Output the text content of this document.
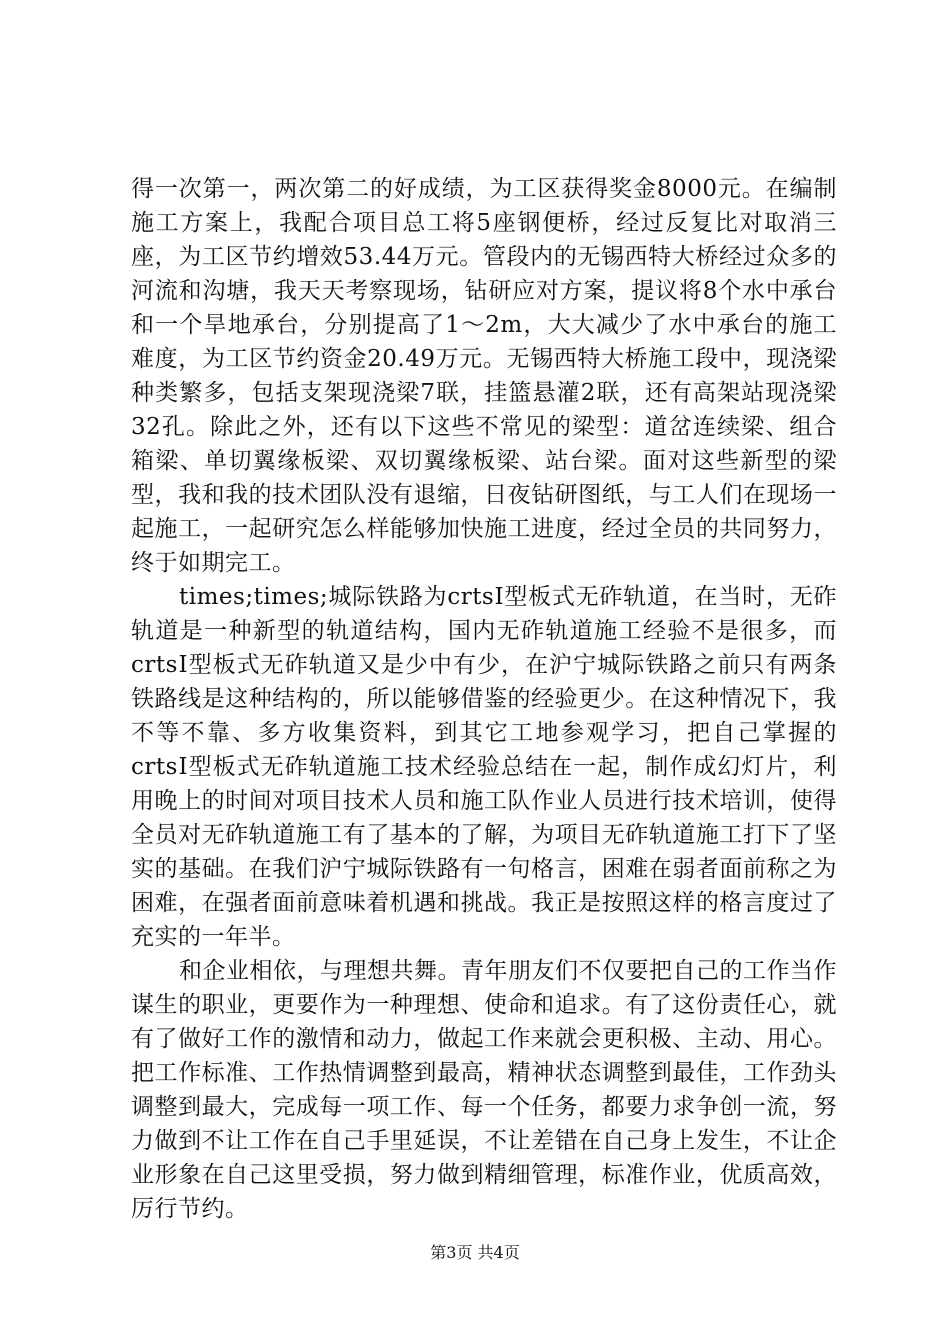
得一次第一，两次第二的好成绩，为工区获得奖金8000元。在编制施工方案上，我配合项目总工将5座钢便桥，经过反复比对取消三座，为工区节约增效53.44万元。管段内的无锡西特大桥经过众多的河流和沟塘，我天天考察现场，钻研应对方案，提议将8个水中承台和一个旱地承台，分别提高了1～2m，大大减少了水中承台的施工难度，为工区节约资金20.49万元。无锡西特大桥施工段中，现浇梁种类繁多，包括支架现浇梁7联，挂篮悬灌2联，还有高架站现浇梁32孔。除此之外，还有以下这些不常见的梁型：道岔连续梁、组合箱梁、单切翼缘板梁、双切翼缘板梁、站台梁。面对这些新型的梁型，我和我的技术团队没有退缩，日夜钻研图纸，与工人们在现场一起施工，一起研究怎么样能够加快施工进度，经过全员的共同努力，终于如期完工。

times;times;城际铁路为crtsⅠ型板式无砟轨道，在当时，无砟轨道是一种新型的轨道结构，国内无砟轨道施工经验不是很多，而crtsⅠ型板式无砟轨道又是少中有少，在沪宁城际铁路之前只有两条铁路线是这种结构的，所以能够借鉴的经验更少。在这种情况下，我不等不靠、多方收集资料，到其它工地参观学习，把自己掌握的crtsⅠ型板式无砟轨道施工技术经验总结在一起，制作成幻灯片，利用晚上的时间对项目技术人员和施工队作业人员进行技术培训，使得全员对无砟轨道施工有了基本的了解，为项目无砟轨道施工打下了坚实的基础。在我们沪宁城际铁路有一句格言，困难在弱者面前称之为困难，在强者面前意味着机遇和挑战。我正是按照这样的格言度过了充实的一年半。

和企业相依，与理想共舞。青年朋友们不仅要把自己的工作当作谋生的职业，更要作为一种理想、使命和追求。有了这份责任心，就有了做好工作的激情和动力，做起工作来就会更积极、主动、用心。把工作标准、工作热情调整到最高，精神状态调整到最佳，工作劲头调整到最大，完成每一项工作、每一个任务，都要力求争创一流，努力做到不让工作在自己手里延误，不让差错在自己身上发生，不让企业形象在自己这里受损，努力做到精细管理，标准作业，优质高效，厉行节约。

第3页 共4页
